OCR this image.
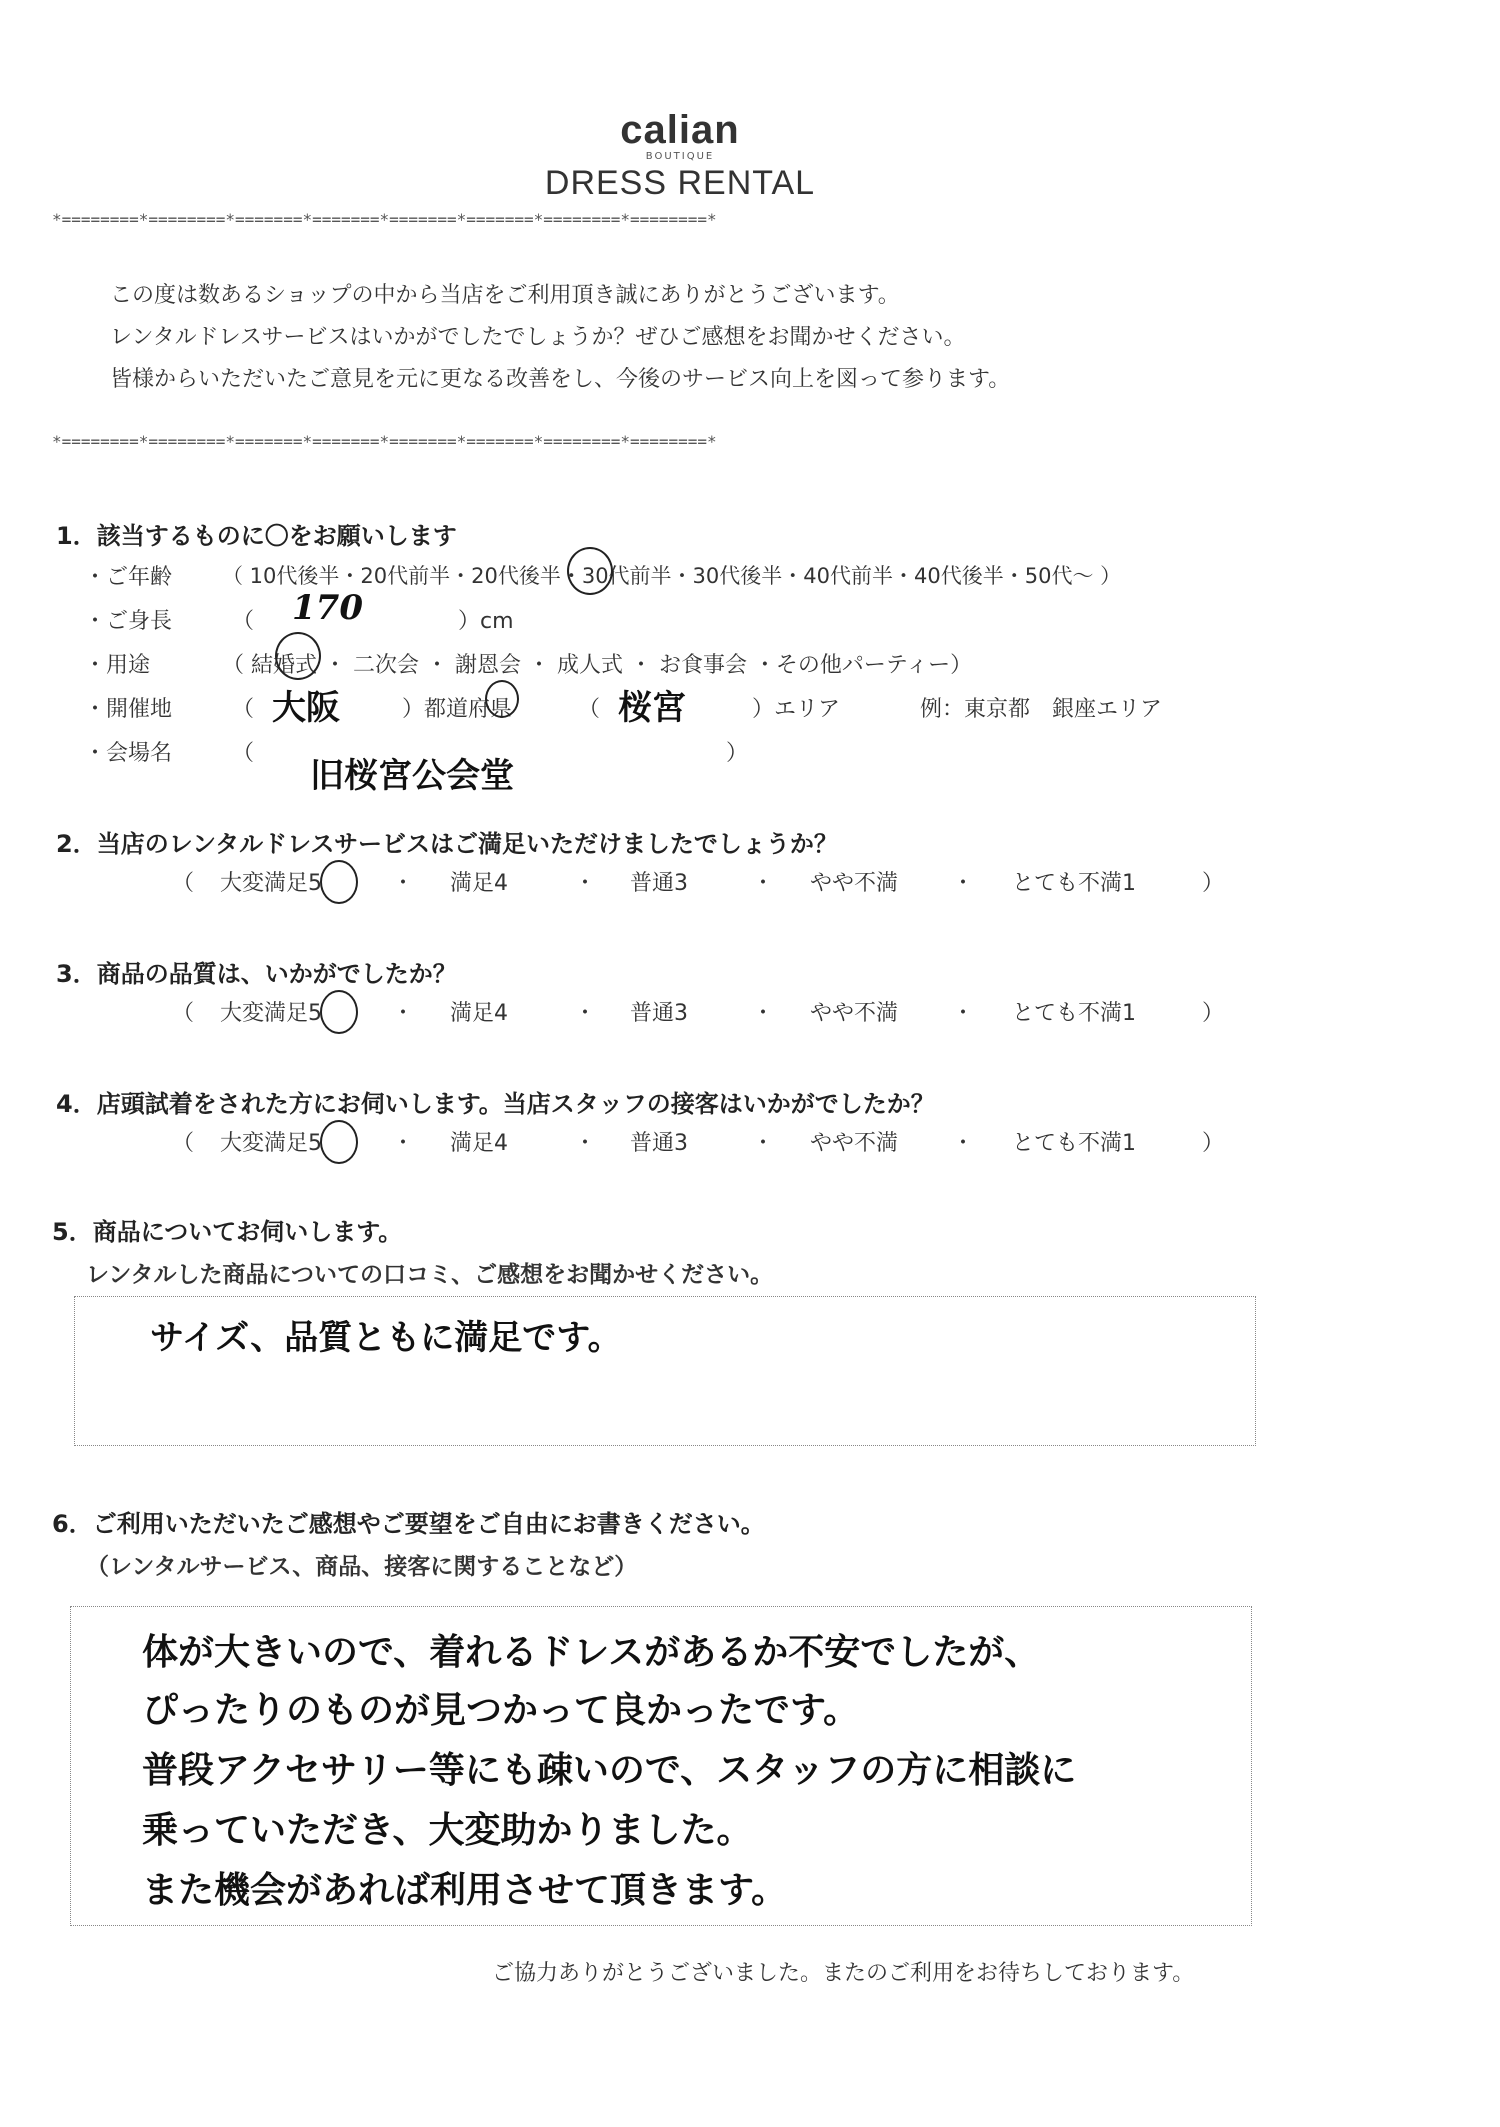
calian
BOUTIQUE
DRESS RENTAL
*========*========*=======*=======*=======*=======*========*========*
この度は数あるショップの中から当店をご利用頂き誠にありがとうございます。
レンタルドレスサービスはいかがでしたでしょうか？ぜひご感想をお聞かせください。
皆様からいただいたご意見を元に更なる改善をし、今後のサービス向上を図って参ります。
*========*========*=======*=======*=======*=======*========*========*
1．該当するものに〇をお願いします
・ご年齢 （ 10代後半・20代前半・20代後半・30代前半・30代後半・40代前半・40代後半・50代～ ）
・ご身長	（ 170	）cm
・用途	（ 結婚式 ・ 二次会 ・ 謝恩会 ・ 成人式 ・ お食事会 ・その他パーティー）
・開催地	（ 大阪	）都道府県	（ 桜宮	）エリア	例：東京都　銀座エリア
・会場名	（
旧桜宮公会堂
）
2．当店のレンタルドレスサービスはご満足いただけましたでしょうか？
（ 大変満足5	・ 満足4	・ 普通3	・ やや不満 ・ とても不満1	）
3．商品の品質は、いかがでしたか？
（ 大変満足5	・ 満足4	・ 普通3	・ やや不満 ・ とても不満1	）
4．店頭試着をされた方にお伺いします。当店スタッフの接客はいかがでしたか？
（ 大変満足5	・ 満足4	・ 普通3	・ やや不満 ・ とても不満1	）
5．商品についてお伺いします。
レンタルした商品についての口コミ、ご感想をお聞かせください。
サイズ、品質ともに満足です。
6．ご利用いただいたご感想やご要望をご自由にお書きください。
（レンタルサービス、商品、接客に関することなど）
体が大きいので、着れるドレスがあるか不安でしたが、
ぴったりのものが見つかって良かったです。
普段アクセサリー等にも疎いので、スタッフの方に相談に
乗っていただき、大変助かりました。
また機会があれば利用させて頂きます。
ご協力ありがとうございました。またのご利用をお待ちしております。
